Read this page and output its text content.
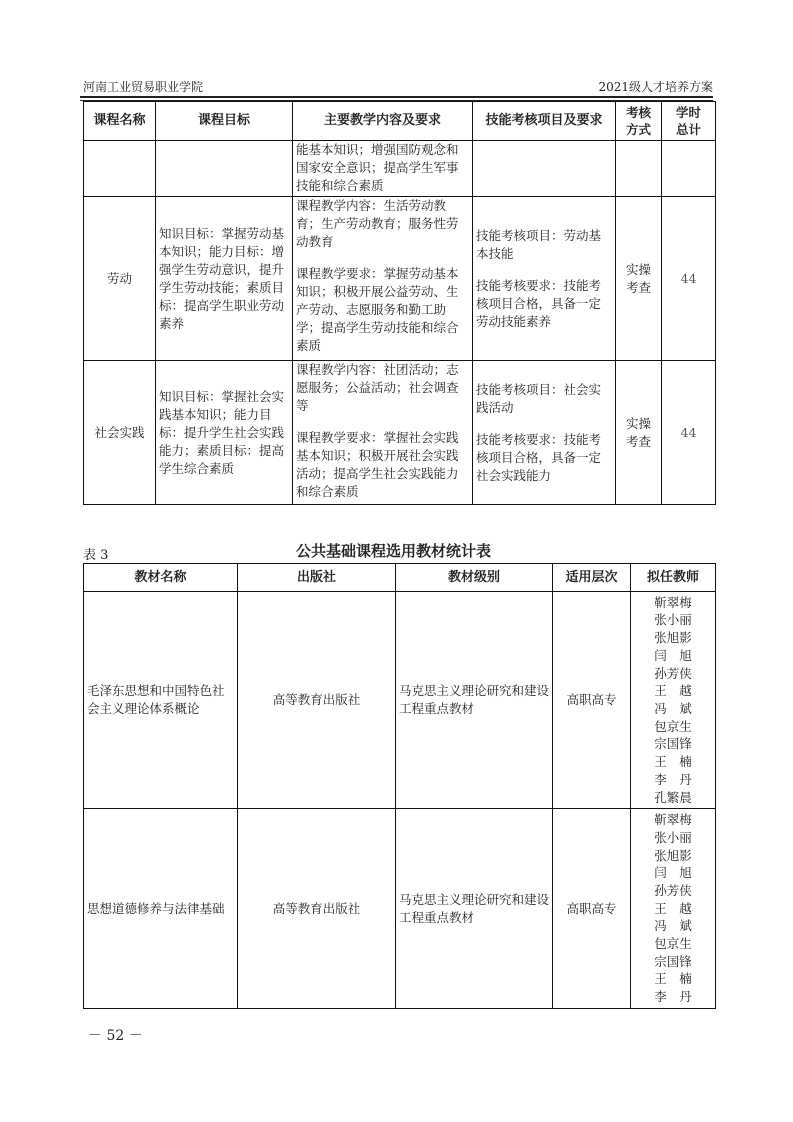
河南工业贸易职业学院	2021级人才培养方案
课程名称	课程目标	主要教学内容及要求	技能考核项目及要求	
考核
方式

学时
总计

		能基本知识；增强国防观念和国家安全意识；提高学生军事技能和综合素质			
劳动	知识目标：掌握劳动基本知识；能力目标：增强学生劳动意识，提升学生劳动技能；素质目标：提高学生职业劳动素养	
课程教学内容：生活劳动教育；生产劳动教育；服务性劳动教育
课程教学要求：掌握劳动基本知识；积极开展公益劳动、生产劳动、志愿服务和勤工助学；提高学生劳动技能和综合素质

技能考核项目：劳动基本技能
技能考核要求：技能考核项目合格，具备一定劳动技能素养

实操
考查
	44
社会实践	知识目标：掌握社会实践基本知识；能力目标：提升学生社会实践能力；素质目标：提高学生综合素质	
课程教学内容：社团活动；志愿服务；公益活动；社会调查等
课程教学要求：掌握社会实践基本知识；积极开展社会实践活动；提高学生社会实践能力和综合素质

技能考核项目：社会实践活动
技能考核要求：技能考核项目合格，具备一定社会实践能力

实操
考查
	44
表 3	公共基础课程选用教材统计表
教材名称	出版社	教材级别	适用层次	拟任教师
毛泽东思想和中国特色社会主义理论体系概论	高等教育出版社	马克思主义理论研究和建设工程重点教材	高职高专	
靳翠梅
张小丽
张旭影
闫　旭
孙芳侠
王　越
冯　斌
包京生
宗国锋
王　楠
李　丹
孔繁晨

思想道德修养与法律基础	高等教育出版社	马克思主义理论研究和建设工程重点教材	高职高专	
靳翠梅
张小丽
张旭影
闫　旭
孙芳侠
王　越
冯　斌
包京生
宗国锋
王　楠
李　丹
－ 52 －
